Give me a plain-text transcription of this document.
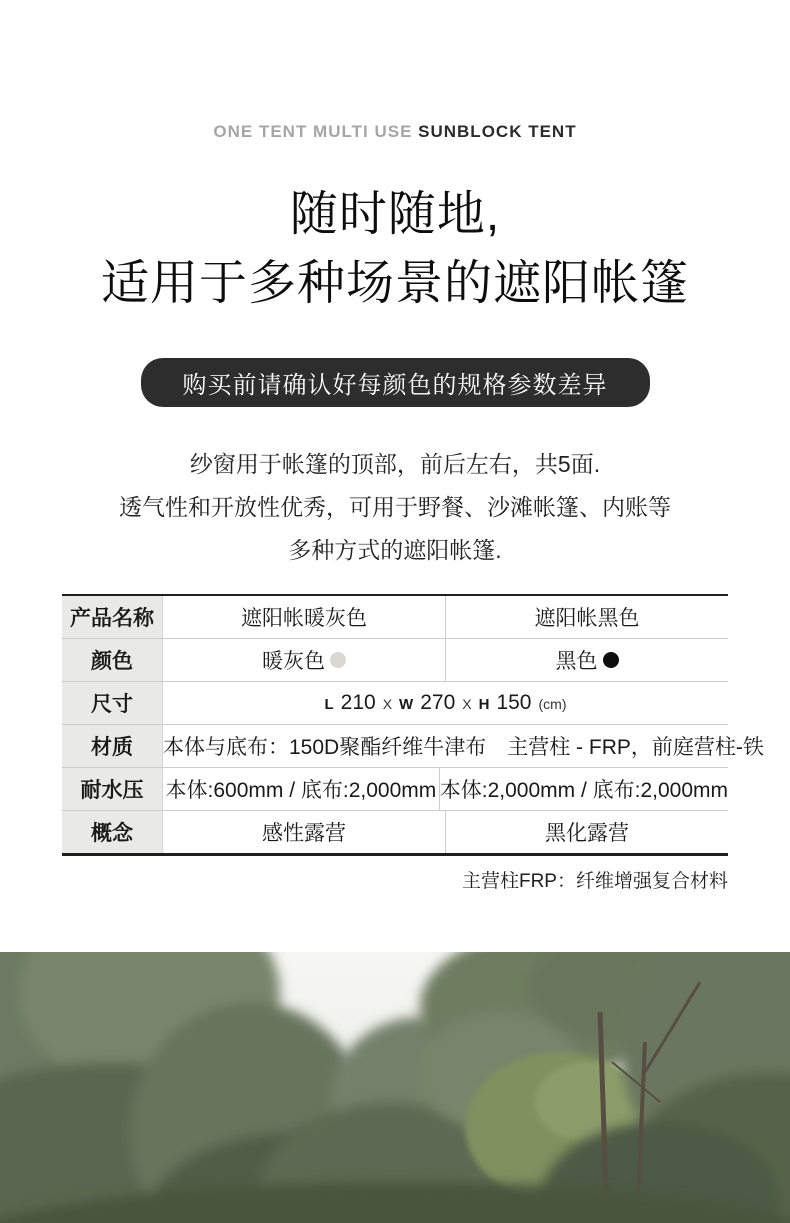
ONE TENT MULTI USE SUNBLOCK TENT
随时随地,
适用于多种场景的遮阳帐篷
购买前请确认好每颜色的规格参数差异

纱窗用于帐篷的顶部，前后左右，共5面.
透气性和开放性优秀，可用于野餐、沙滩帐篷、内账等
多种方式的遮阳帐篷.

产品名称	遮阳帐暖灰色	遮阳帐黑色
颜色	暖灰色	黑色
尺寸	L 210 X W 270 X H 150 (cm)
材质	本体与底布：150D聚酯纤维牛津布　主营柱 - FRP，前庭营柱-铁
耐水压	本体:600mm / 底布:2,000mm 本体:2,000mm / 底布:2,000mm
概念	感性露营	黑化露营
主营柱FRP：纤维增强复合材料
